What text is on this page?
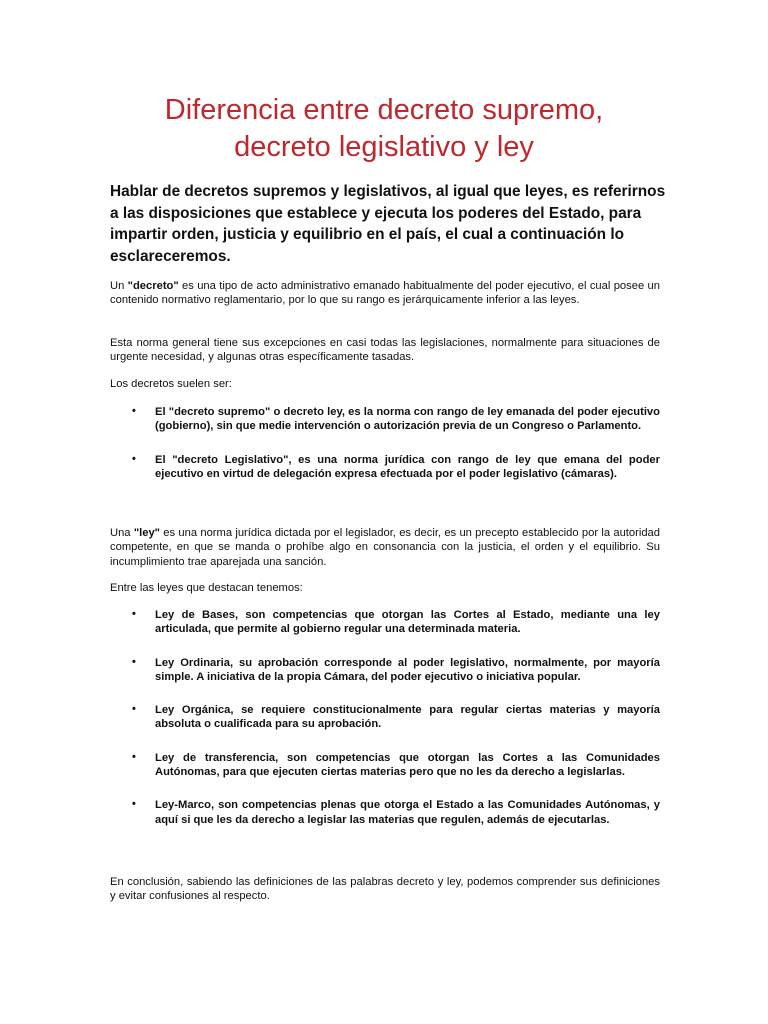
Diferencia entre decreto supremo,
decreto legislativo y ley

Hablar de decretos supremos y legislativos, al igual que leyes, es referirnos a las disposiciones que establece y ejecuta los poderes del Estado, para impartir orden, justicia y equilibrio en el país, el cual a continuación lo esclareceremos.

Un "decreto" es una tipo de acto administrativo emanado habitualmente del poder ejecutivo, el cual posee un contenido normativo reglamentario, por lo que su rango es jerárquicamente inferior a las leyes.

Esta norma general tiene sus excepciones en casi todas las legislaciones, normalmente para situaciones de urgente necesidad, y algunas otras específicamente tasadas.

Los decretos suelen ser:

• El "decreto supremo" o decreto ley, es la norma con rango de ley emanada del poder ejecutivo (gobierno), sin que medie intervención o autorización previa de un Congreso o Parlamento.
• El "decreto Legislativo", es una norma jurídica con rango de ley que emana del poder ejecutivo en virtud de delegación expresa efectuada por el poder legislativo (cámaras).

Una "ley" es una norma jurídica dictada por el legislador, es decir, es un precepto establecido por la autoridad competente, en que se manda o prohíbe algo en consonancia con la justicia, el orden y el equilibrio. Su incumplimiento trae aparejada una sanción.

Entre las leyes que destacan tenemos:

• Ley de Bases, son competencias que otorgan las Cortes al Estado, mediante una ley articulada, que permite al gobierno regular una determinada materia.
• Ley Ordinaria, su aprobación corresponde al poder legislativo, normalmente, por mayoría simple. A iniciativa de la propia Cámara, del poder ejecutivo o iniciativa popular.
• Ley Orgánica, se requiere constitucionalmente para regular ciertas materias y mayoría absoluta o cualificada para su aprobación.
• Ley de transferencia, son competencias que otorgan las Cortes a las Comunidades Autónomas, para que ejecuten ciertas materias pero que no les da derecho a legislarlas.
• Ley-Marco, son competencias plenas que otorga el Estado a las Comunidades Autónomas, y aquí si que les da derecho a legislar las materias que regulen, además de ejecutarlas.

En conclusión, sabiendo las definiciones de las palabras decreto y ley, podemos comprender sus definiciones y evitar confusiones al respecto.
